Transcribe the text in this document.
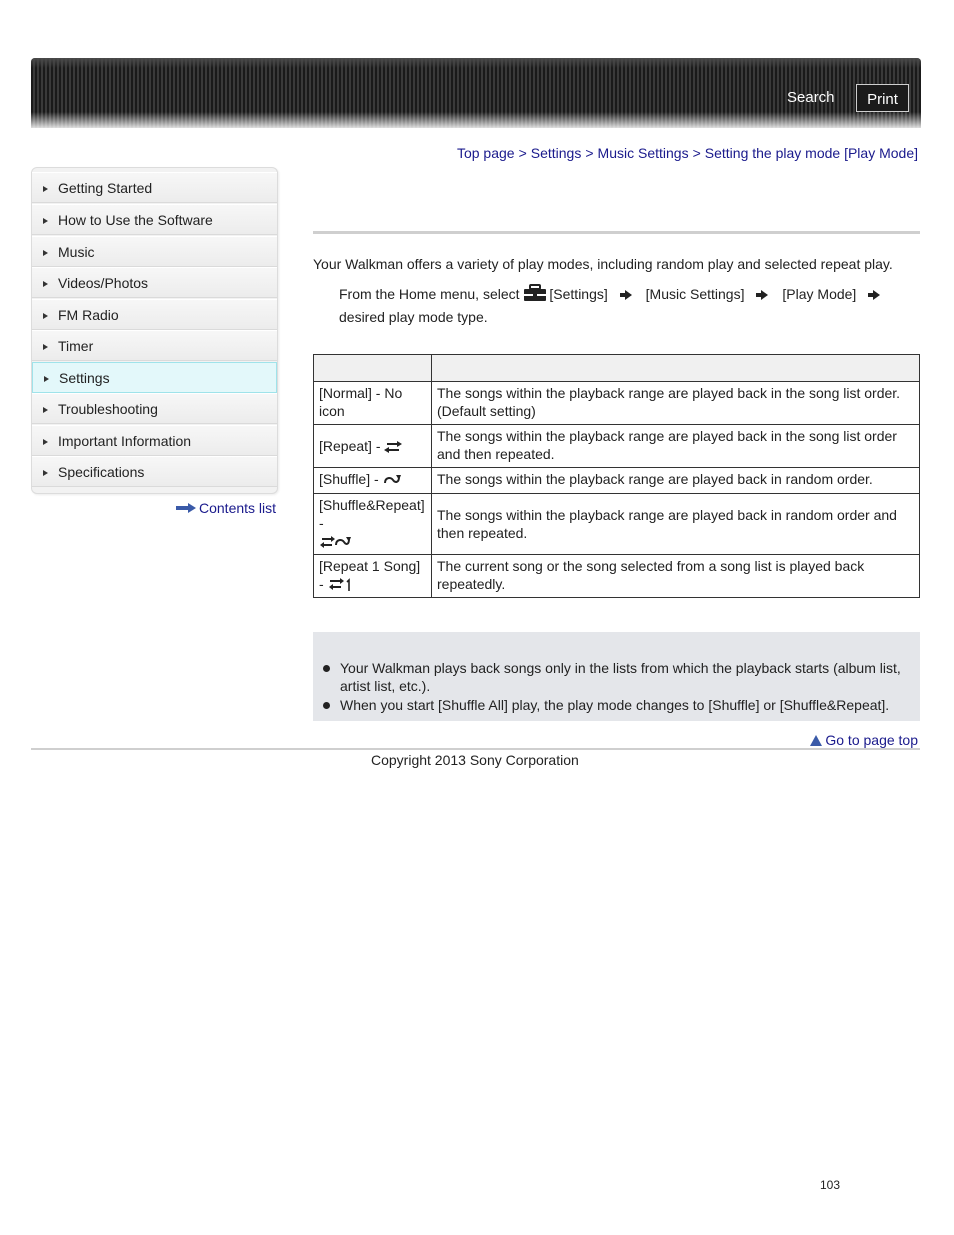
Search	Print
Top page > Settings > Music Settings > Setting the play mode [Play Mode]
Getting Started
How to Use the Software
Music
Videos/Photos
FM Radio
Timer
Settings
Troubleshooting
Important Information
Specifications
Contents list

Your Walkman offers a variety of play modes, including random play and selected repeat play.

From the Home menu, select [Settings]	[Music Settings]	[Play Mode]
desired play mode type.

[Normal] - No icon	The songs within the playback range are played back in the song list order. (Default setting)
[Repeat] -	The songs within the playback range are played back in the song list order and then repeated.
[Shuffle] -	The songs within the playback range are played back in random order.
[Shuffle&Repeat] -	The songs within the playback range are played back in random order and then repeated.
[Repeat 1 Song] -	The current song or the song selected from a song list is played back repeatedly.
Your Walkman plays back songs only in the lists from which the playback starts (album list, artist list, etc.).
When you start [Shuffle All] play, the play mode changes to [Shuffle] or [Shuffle&Repeat].
Go to page top
Copyright 2013 Sony Corporation
103
